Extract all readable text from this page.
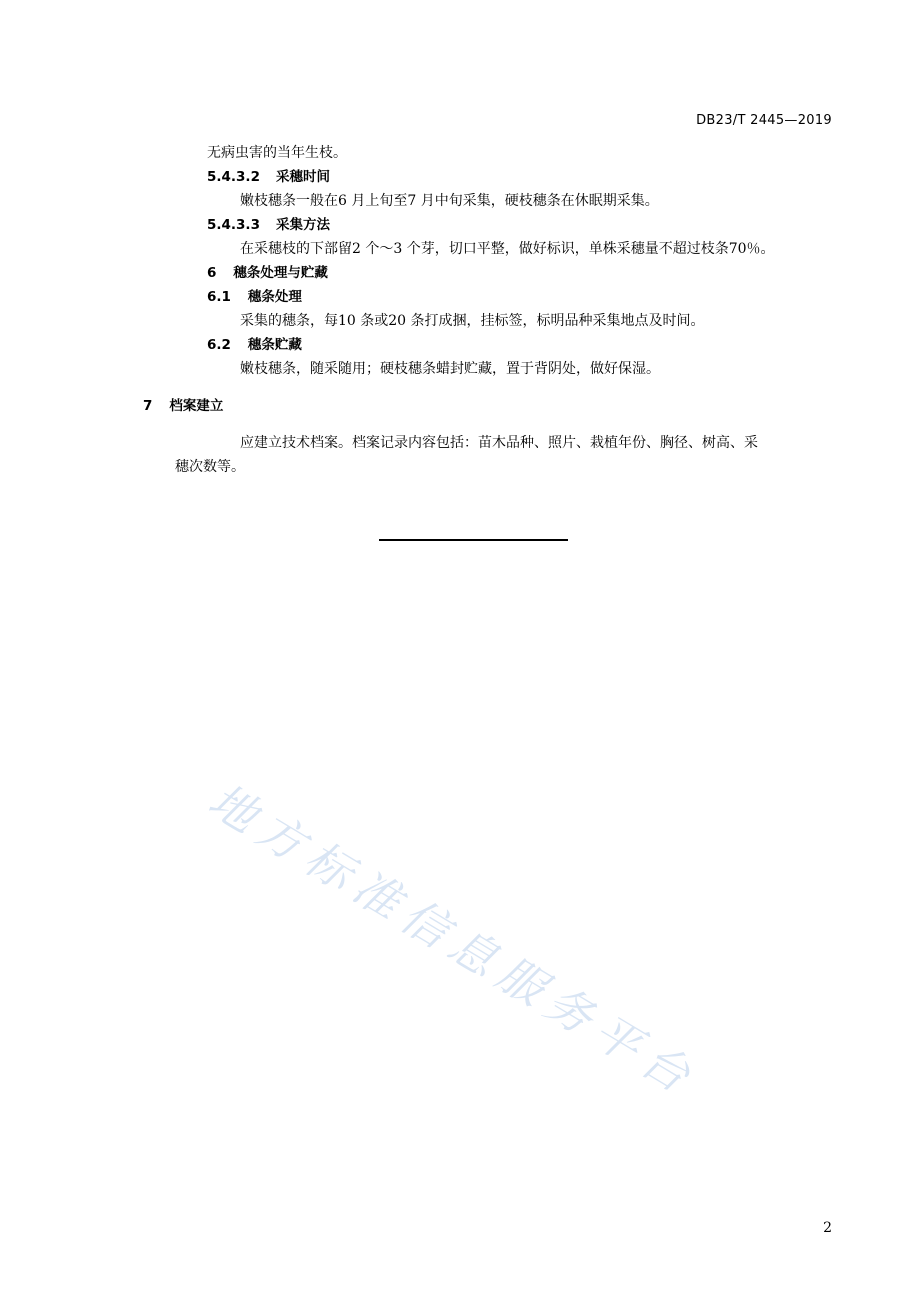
DB23/T 2445—2019
无病虫害的当年生枝。
5.4.3.2 采穗时间
嫩枝穗条一般在6 月上旬至7 月中旬采集，硬枝穗条在休眠期采集。
5.4.3.3 采集方法
在采穗枝的下部留2 个～3 个芽，切口平整，做好标识，单株采穗量不超过枝条70％。
6 穗条处理与贮藏
6.1 穗条处理
采集的穗条，每10 条或20 条打成捆，挂标签，标明品种采集地点及时间。
6.2 穗条贮藏
嫩枝穗条，随采随用；硬枝穗条蜡封贮藏，置于背阴处，做好保湿。
7 档案建立
应建立技术档案。档案记录内容包括：苗木品种、照片、栽植年份、胸径、树高、采
穗次数等。
地方标准信息服务平台
2
